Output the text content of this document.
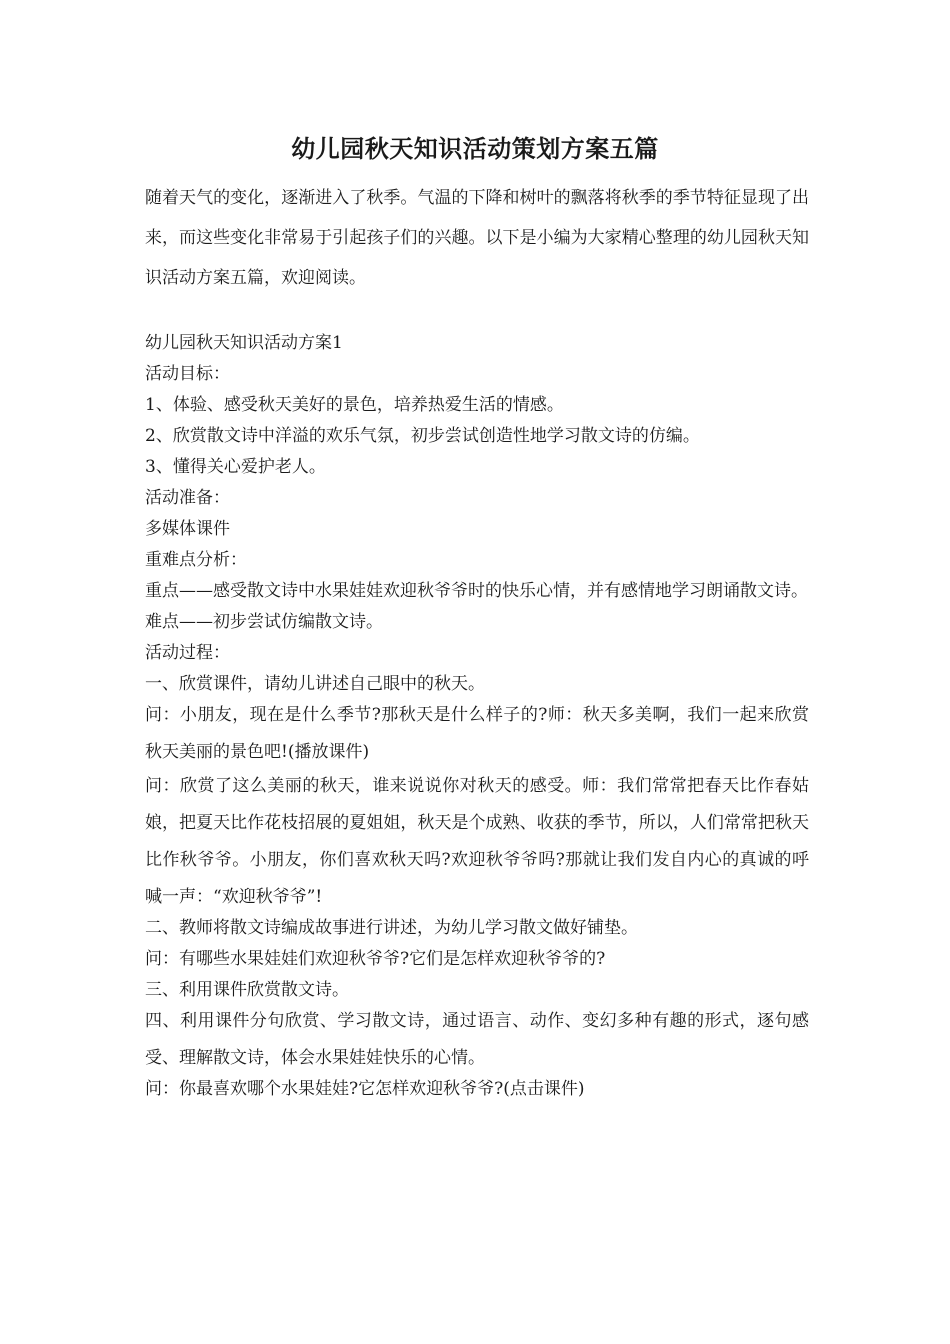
幼儿园秋天知识活动策划方案五篇
随着天气的变化，逐渐进入了秋季。气温的下降和树叶的飘落将秋季的季节特征显现了出来，而这些变化非常易于引起孩子们的兴趣。以下是小编为大家精心整理的幼儿园秋天知识活动方案五篇，欢迎阅读。

幼儿园秋天知识活动方案1

活动目标：

1、体验、感受秋天美好的景色，培养热爱生活的情感。

2、欣赏散文诗中洋溢的欢乐气氛，初步尝试创造性地学习散文诗的仿编。

3、懂得关心爱护老人。

活动准备：

多媒体课件

重难点分析：

重点——感受散文诗中水果娃娃欢迎秋爷爷时的快乐心情，并有感情地学习朗诵散文诗。

难点——初步尝试仿编散文诗。

活动过程：

一、欣赏课件，请幼儿讲述自己眼中的秋天。

问：小朋友，现在是什么季节?那秋天是什么样子的?师：秋天多美啊，我们一起来欣赏秋天美丽的景色吧!(播放课件)

问：欣赏了这么美丽的秋天，谁来说说你对秋天的感受。师：我们常常把春天比作春姑娘，把夏天比作花枝招展的夏姐姐，秋天是个成熟、收获的季节，所以，人们常常把秋天比作秋爷爷。小朋友，你们喜欢秋天吗?欢迎秋爷爷吗?那就让我们发自内心的真诚的呼喊一声：“欢迎秋爷爷”!

二、教师将散文诗编成故事进行讲述，为幼儿学习散文做好铺垫。

问：有哪些水果娃娃们欢迎秋爷爷?它们是怎样欢迎秋爷爷的?

三、利用课件欣赏散文诗。

四、利用课件分句欣赏、学习散文诗，通过语言、动作、变幻多种有趣的形式，逐句感受、理解散文诗，体会水果娃娃快乐的心情。

问：你最喜欢哪个水果娃娃?它怎样欢迎秋爷爷?(点击课件)
